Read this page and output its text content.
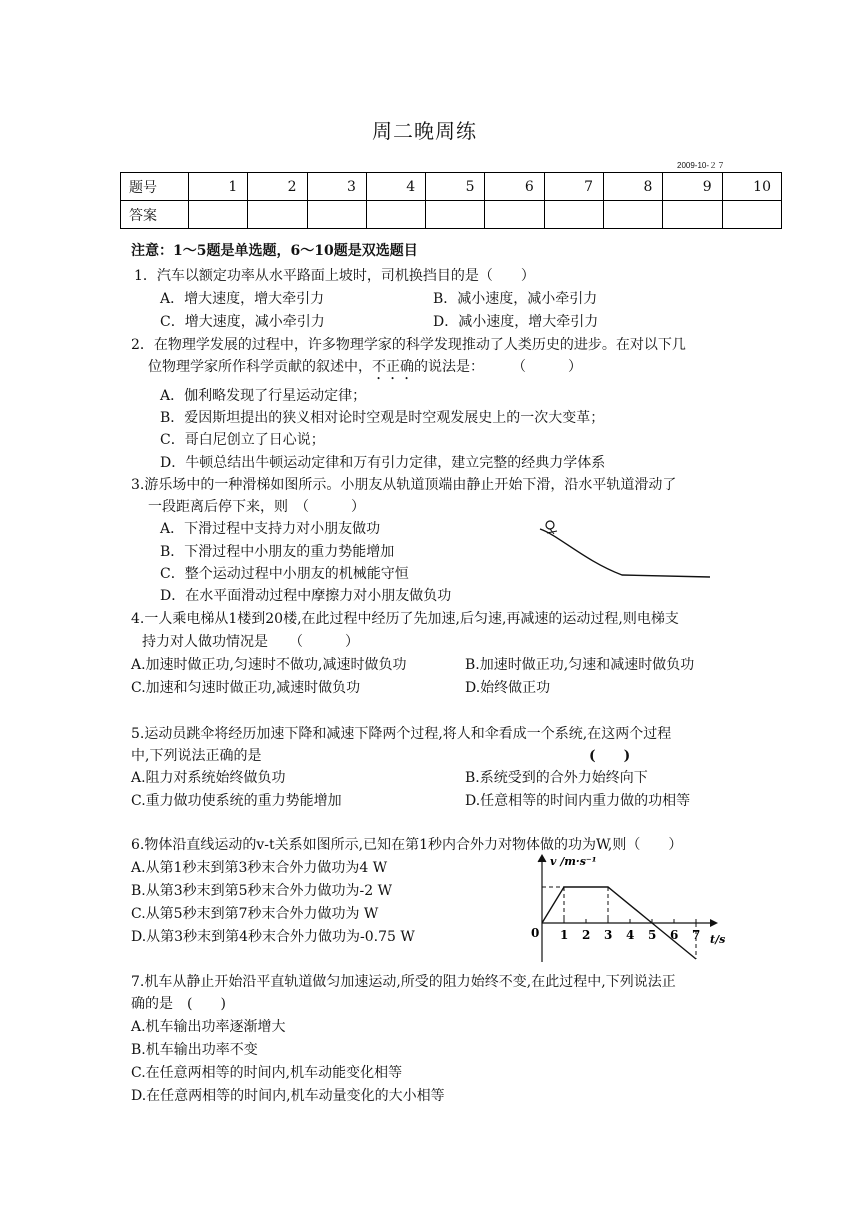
周二晚周练
2009-10-２７
题号	1	2	3	4	5	6	7	8	9	10
答案										
注意：1～5题是单选题，6～10题是双选题目
1．汽车以额定功率从水平路面上坡时，司机换挡目的是（　　）
A．增大速度，增大牵引力	B．减小速度，减小牵引力
C．增大速度，减小牵引力	D．减小速度，增大牵引力
2．在物理学发展的过程中，许多物理学家的科学发现推动了人类历史的进步。在对以下几
位物理学家所作科学贡献的叙述中，不正确的说法是：　　　（　　　）
A．伽利略发现了行星运动定律；
B．爱因斯坦提出的狭义相对论时空观是时空观发展史上的一次大变革；
C．哥白尼创立了日心说；
D．牛顿总结出牛顿运动定律和万有引力定律，建立完整的经典力学体系
3.游乐场中的一种滑梯如图所示。小朋友从轨道顶端由静止开始下滑，沿水平轨道滑动了
一段距离后停下来，则　（　　　）
A．下滑过程中支持力对小朋友做功
B．下滑过程中小朋友的重力势能增加
C．整个运动过程中小朋友的机械能守恒
D．在水平面滑动过程中摩擦力对小朋友做负功
4.一人乘电梯从1楼到20楼,在此过程中经历了先加速,后匀速,再减速的运动过程,则电梯支
持力对人做功情况是　　（　　　）
A.加速时做正功,匀速时不做功,减速时做负功	B.加速时做正功,匀速和减速时做负功
C.加速和匀速时做正功,减速时做负功	D.始终做正功
5.运动员跳伞将经历加速下降和减速下降两个过程,将人和伞看成一个系统,在这两个过程
中,下列说法正确的是	(　　)
A.阻力对系统始终做负功	B.系统受到的合外力始终向下
C.重力做功使系统的重力势能增加	D.任意相等的时间内重力做的功相等
6.物体沿直线运动的v-t关系如图所示,已知在第1秒内合外力对物体做的功为W,则（　　）
A.从第1秒末到第3秒末合外力做功为4 W
B.从第3秒末到第5秒末合外力做功为-2 W
C.从第5秒末到第7秒末合外力做功为 W
D.从第3秒末到第4秒末合外力做功为-0.75 W
v /m·s⁻¹
t/s
0 1 2 3 4 5 6 7
7.机车从静止开始沿平直轨道做匀加速运动,所受的阻力始终不变,在此过程中,下列说法正
确的是　(　　)
A.机车输出功率逐渐增大
B.机车输出功率不变
C.在任意两相等的时间内,机车动能变化相等
D.在任意两相等的时间内,机车动量变化的大小相等
